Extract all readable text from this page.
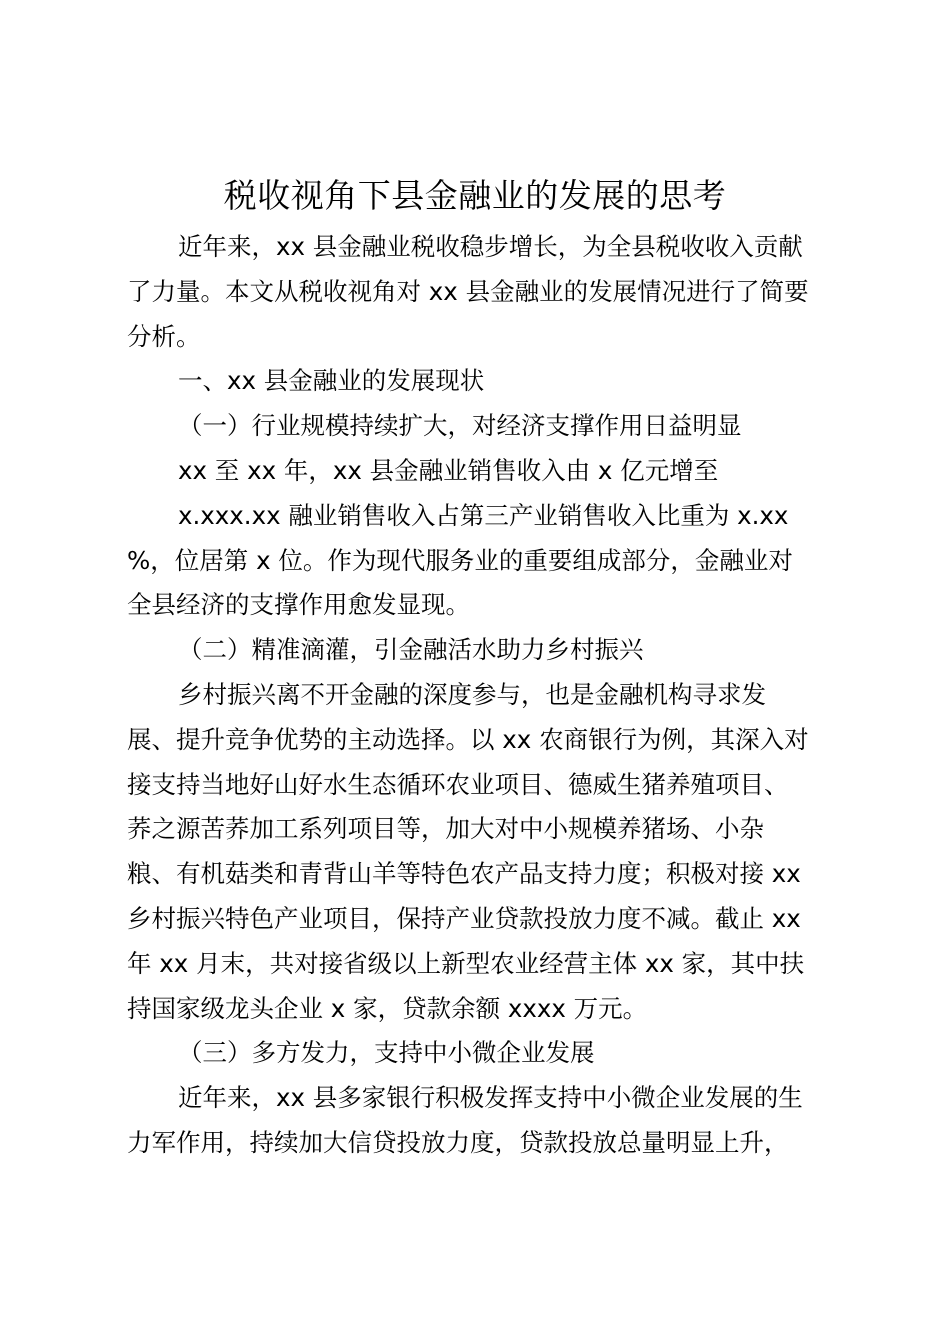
税收视角下县金融业的发展的思考

近年来，xx 县金融业税收稳步增长，为全县税收收入贡献
了力量。本文从税收视角对 xx 县金融业的发展情况进行了简要
分析。

一、xx 县金融业的发展现状

（一）行业规模持续扩大，对经济支撑作用日益明显

xx 至 xx 年，xx 县金融业销售收入由 x 亿元增至

x.xxx.xx 融业销售收入占第三产业销售收入比重为 x.xx
%，位居第 x 位。作为现代服务业的重要组成部分，金融业对
全县经济的支撑作用愈发显现。

（二）精准滴灌，引金融活水助力乡村振兴

乡村振兴离不开金融的深度参与，也是金融机构寻求发
展、提升竞争优势的主动选择。以 xx 农商银行为例，其深入对
接支持当地好山好水生态循环农业项目、德威生猪养殖项目、
荞之源苦荞加工系列项目等，加大对中小规模养猪场、小杂
粮、有机菇类和青背山羊等特色农产品支持力度；积极对接 xx
乡村振兴特色产业项目，保持产业贷款投放力度不减。截止 xx
年 xx 月末，共对接省级以上新型农业经营主体 xx 家，其中扶
持国家级龙头企业 x 家，贷款余额 xxxx 万元。

（三）多方发力，支持中小微企业发展

近年来，xx 县多家银行积极发挥支持中小微企业发展的生
力军作用，持续加大信贷投放力度，贷款投放总量明显上升，
